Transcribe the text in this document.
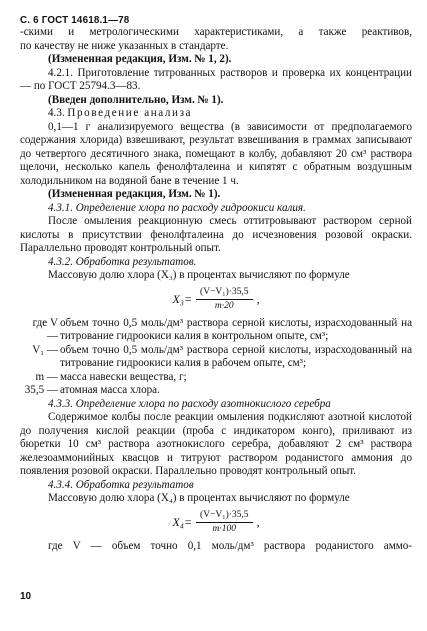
С. 6 ГОСТ 14618.1—78

-скими и метрологическими характеристиками, а также реактивов,

по качеству не ниже указанных в стандарте.

(Измененная редакция, Изм. № 1, 2).

4.2.1. Приготовление титрованных растворов и проверка их концентрации — по ГОСТ 25794.3—83.

(Введен дополнительно, Изм. № 1).

4.3. Проведение анализа

0,1—1 г анализируемого вещества (в зависимости от предполагаемого содержания хлорида) взвешивают, результат взвешивания в граммах записывают до четвертого десятичного знака, помещают в колбу, добавляют 20 см³ раствора щелочи, несколько капель фенолфталеина и кипятят с обратным воздушным холодильником на водяной бане в течение 1 ч.

(Измененная редакция, Изм. № 1).

4.3.1. Определение хлора по расходу гидроокиси калия.

После омыления реакционную смесь оттитровывают раствором серной кислоты в присутствии фенолфталеина до исчезновения розовой окраски. Параллельно проводят контрольный опыт.

4.3.2. Обработка результатов.

Массовую долю хлора (X₃) в процентах вычисляют по формуле

$X_3= \frac{\text{(V−V₁)·35,5}}{m\cdot 20}$ ,
где V —
объем точно 0,5 моль/дм³ раствора серной кислоты, израсходованный на титрование гидроокиси калия в контрольном опыте, см³;
V₁ — объем точно 0,5 моль/дм³ раствора серной кислоты, израсходованный на титрование гидроокиси калия в рабочем опыте, см³;
m — масса навески вещества, г;
35,5 — атомная масса хлора.

4.3.3. Определение хлора по расходу азотнокислого серебра

Содержимое колбы после реакции омыления подкисляют азотной кислотой до получения кислой реакции (проба с индикатором конго), приливают из бюретки 10 см³ раствора азотнокислого серебра, добавляют 2 см³ раствора железоаммонийных квасцов и титруют раствором роданистого аммония до появления розовой окраски. Параллельно проводят контрольный опыт.

4.3.4. Обработка результатов

Массовую долю хлора (X₄) в процентах вычисляют по формуле

$X_4= \frac{\text{(V−V₁)·35,5}}{m\cdot 100}$ ,

где V — объем точно 0,1 моль/дм³ раствора роданистого аммо-

10
